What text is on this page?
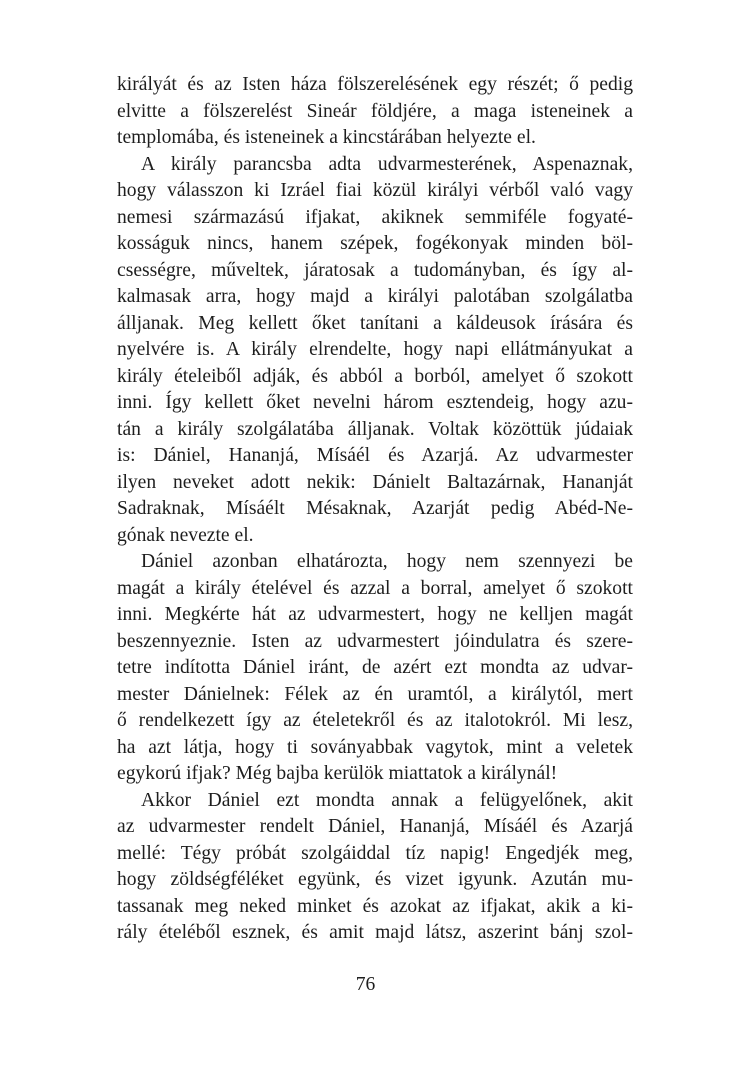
királyát és az Isten háza fölszerelésének egy részét; ő pedig
elvitte a fölszerelést Sineár földjére, a maga isteneinek a
templomába, és isteneinek a kincstárában helyezte el.
A király parancsba adta udvarmesterének, Aspenaznak,
hogy válasszon ki Izráel fiai közül királyi vérből való vagy
nemesi származású ifjakat, akiknek semmiféle fogyaté-
kosságuk nincs, hanem szépek, fogékonyak minden böl-
csességre, műveltek, járatosak a tudományban, és így al-
kalmasak arra, hogy majd a királyi palotában szolgálatba
álljanak. Meg kellett őket tanítani a káldeusok írására és
nyelvére is. A király elrendelte, hogy napi ellátmányukat a
király ételeiből adják, és abból a borból, amelyet ő szokott
inni. Így kellett őket nevelni három esztendeig, hogy azu-
tán a király szolgálatába álljanak. Voltak közöttük júdaiak
is: Dániel, Hananjá, Mísáél és Azarjá. Az udvarmester
ilyen neveket adott nekik: Dánielt Baltazárnak, Hananját
Sadraknak, Mísáélt Mésaknak, Azarját pedig Abéd-Ne-
gónak nevezte el.
Dániel azonban elhatározta, hogy nem szennyezi be
magát a király ételével és azzal a borral, amelyet ő szokott
inni. Megkérte hát az udvarmestert, hogy ne kelljen magát
beszennyeznie. Isten az udvarmestert jóindulatra és szere-
tetre indította Dániel iránt, de azért ezt mondta az udvar-
mester Dánielnek: Félek az én uramtól, a királytól, mert
ő rendelkezett így az ételetekről és az italotokról. Mi lesz,
ha azt látja, hogy ti soványabbak vagytok, mint a veletek
egykorú ifjak? Még bajba kerülök miattatok a királynál!
Akkor Dániel ezt mondta annak a felügyelőnek, akit
az udvarmester rendelt Dániel, Hananjá, Mísáél és Azarjá
mellé: Tégy próbát szolgáiddal tíz napig! Engedjék meg,
hogy zöldségféléket együnk, és vizet igyunk. Azután mu-
tassanak meg neked minket és azokat az ifjakat, akik a ki-
rály ételéből esznek, és amit majd látsz, aszerint bánj szol-
76
